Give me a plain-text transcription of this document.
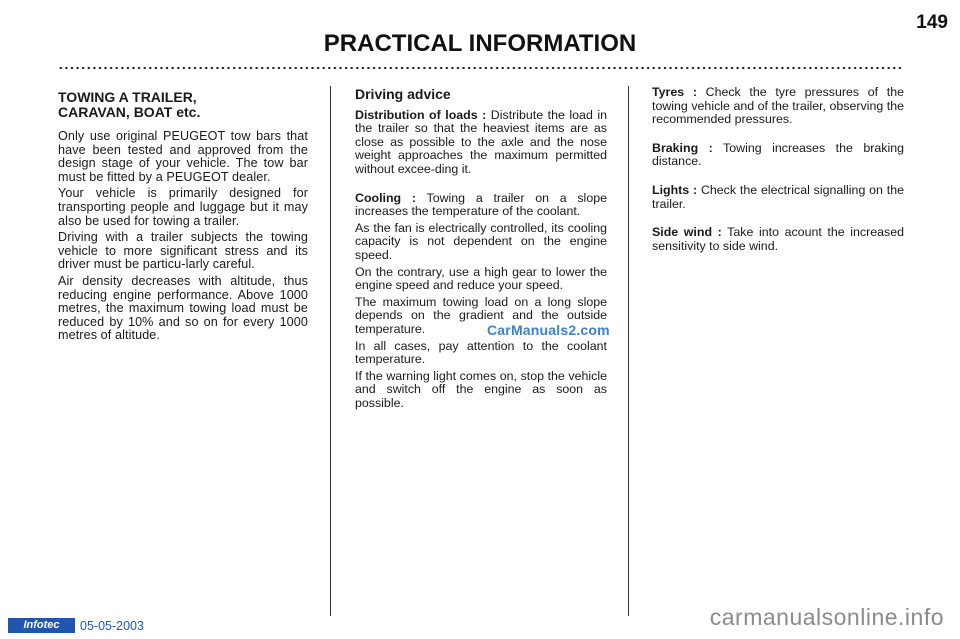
149
PRACTICAL INFORMATION
TOWING A TRAILER,
CARAVAN, BOAT etc.

Only use original PEUGEOT tow bars that have been tested and approved from the design stage of your vehicle. The tow bar must be fitted by a PEUGEOT dealer.

Your vehicle is primarily designed for transporting people and luggage but it may also be used for towing a trailer.

Driving with a trailer subjects the towing vehicle to more significant stress and its driver must be particu-larly careful.

Air density decreases with altitude, thus reducing engine performance. Above 1000 metres, the maximum towing load must be reduced by 10% and so on for every 1000 metres of altitude.

Driving advice

Distribution of loads : Distribute the load in the trailer so that the heaviest items are as close as possible to the axle and the nose weight approaches the maximum permitted without excee-ding it.

Cooling : Towing a trailer on a slope increases the temperature of the coolant.

As the fan is electrically controlled, its cooling capacity is not dependent on the engine speed.

On the contrary, use a high gear to lower the engine speed and reduce your speed.

The maximum towing load on a long slope depends on the gradient and the outside temperature.

In all cases, pay attention to the coolant temperature.

If the warning light comes on, stop the vehicle and switch off the engine as soon as possible.

Tyres : Check the tyre pressures of the towing vehicle and of the trailer, observing the recommended pressures.

Braking : Towing increases the braking distance.

Lights : Check the electrical signalling on the trailer.

Side wind : Take into acount the increased sensitivity to side wind.

CarManuals2.com
Infotec	05-05-2003	carmanualsonline.info
